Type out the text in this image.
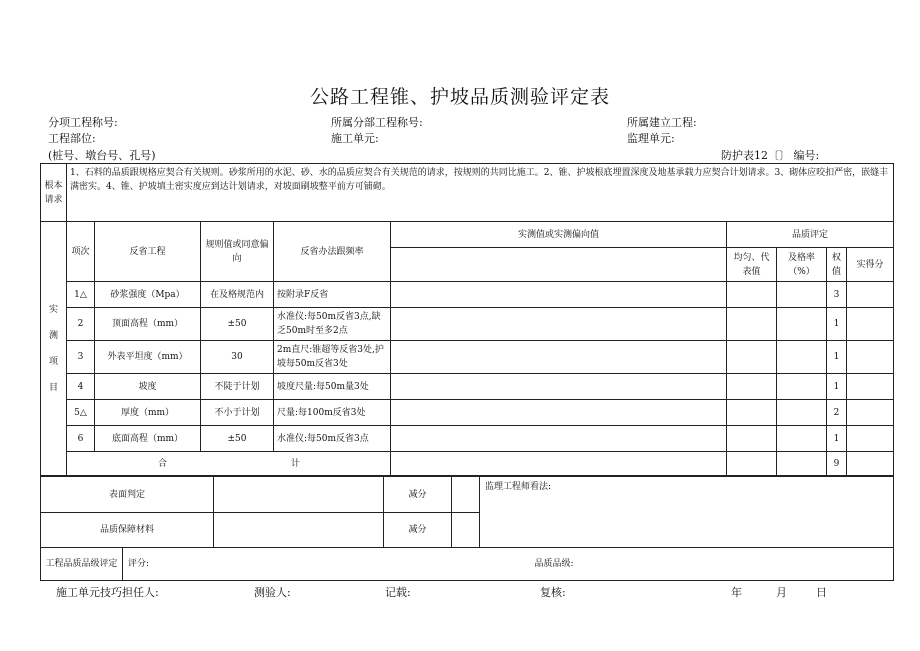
公路工程锥、护坡品质测验评定表
分项工程称号:	所属分部工程称号:	所属建立工程:
工程部位:	施工单元:	监理单元:
(桩号、墩台号、孔号)	防护表12〔〕 编号:
根本请求	1、石料的品质跟规格应契合有关规则。砂浆所用的水泥、砂、水的品质应契合有关规范的请求，按规则的共同比施工。2、锥、护坡根底埋置深度及地基承载力应契合计划请求。3、砌体应咬扣严密，嵌缝丰满密实。4、锥、护坡填土密实度应到达计划请求，对坡面刷坡整平前方可铺砌。								

实
测
项
目	项次	反省工程	规则值或同意偏向	反省办法跟频率	实测值或实测偏向值	品质评定			
						均匀、代表值	及格率（%）	权值	实得分
	1△	砂浆强度（Mpa）	在及格规范内	按附录F反省				3	
	2	顶面高程（mm）	±50	水准仪:每50m反省3点,缺乏50m时至多2点				1	
	3	外表平坦度（mm）	30	2m直尺:锥超等反省3处,护坡每50m反省3处				1	
	4	坡度	不陡于计划	坡度尺量:每50m量3处				1	
	5△	厚度（mm）	不小于计划	尺量:每100m反省3处				2	
	6	底面高程（mm）	±50	水准仪:每50m反省3点				1	
	合 计							9	
表面判定		减分		监理工程师看法:
品质保障材料		减分		
工程品质品级评定	评分:	品质品级:
施工单元技巧担任人:	测验人:	记载:	复核:	年	月	日
